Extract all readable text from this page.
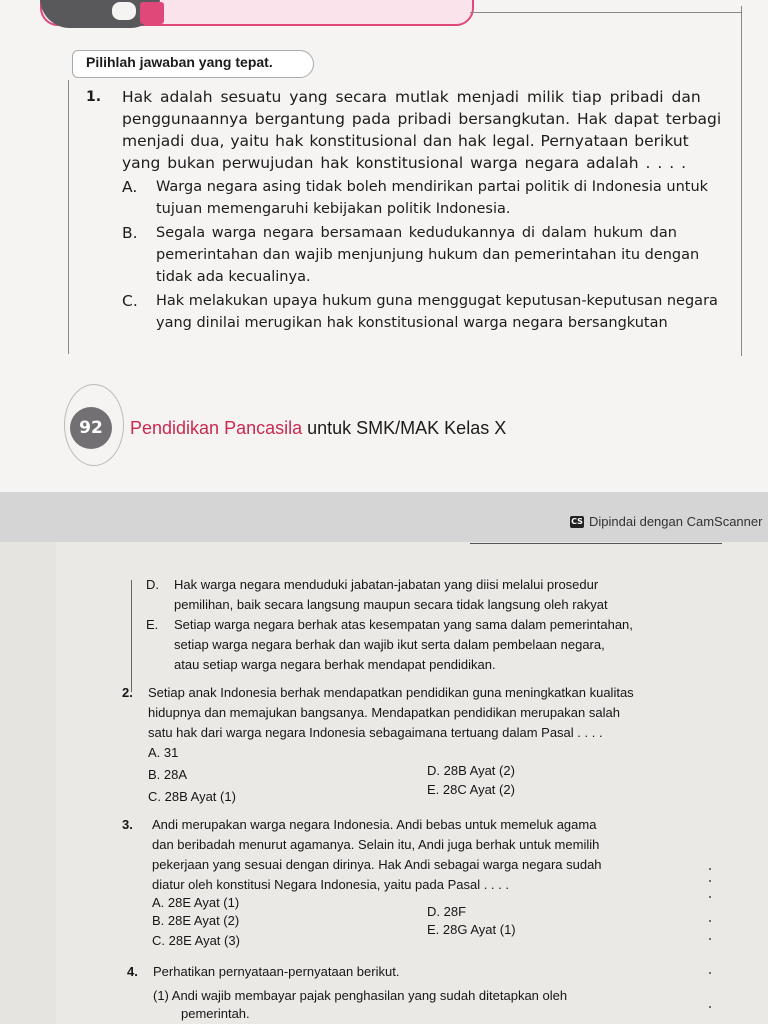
Pilihlah jawaban yang tepat.
1. Hak adalah sesuatu yang secara mutlak menjadi milik tiap pribadi dan
penggunaannya bergantung pada pribadi bersangkutan. Hak dapat terbagi
menjadi dua, yaitu hak konstitusional dan hak legal. Pernyataan berikut
yang bukan perwujudan hak konstitusional warga negara adalah . . . .
A. Warga negara asing tidak boleh mendirikan partai politik di Indonesia untuk
tujuan memengaruhi kebijakan politik Indonesia.
B. Segala warga negara bersamaan kedudukannya di dalam hukum dan
pemerintahan dan wajib menjunjung hukum dan pemerintahan itu dengan
tidak ada kecualinya.
C. Hak melakukan upaya hukum guna menggugat keputusan-keputusan negara
yang dinilai merugikan hak konstitusional warga negara bersangkutan
92	Pendidikan Pancasila untuk SMK/MAK Kelas X
CS Dipindai dengan CamScanner
D. Hak warga negara menduduki jabatan-jabatan yang diisi melalui prosedur
pemilihan, baik secara langsung maupun secara tidak langsung oleh rakyat
E. Setiap warga negara berhak atas kesempatan yang sama dalam pemerintahan,
setiap warga negara berhak dan wajib ikut serta dalam pembelaan negara,
atau setiap warga negara berhak mendapat pendidikan.
2. Setiap anak Indonesia berhak mendapatkan pendidikan guna meningkatkan kualitas
hidupnya dan memajukan bangsanya. Mendapatkan pendidikan merupakan salah
satu hak dari warga negara Indonesia sebagaimana tertuang dalam Pasal . . . .
A. 31
B. 28A
C. 28B Ayat (1)
D. 28B Ayat (2)
E. 28C Ayat (2)
3. Andi merupakan warga negara Indonesia. Andi bebas untuk memeluk agama
dan beribadah menurut agamanya. Selain itu, Andi juga berhak untuk memilih
pekerjaan yang sesuai dengan dirinya. Hak Andi sebagai warga negara sudah
diatur oleh konstitusi Negara Indonesia, yaitu pada Pasal . . . .
A. 28E Ayat (1)
B. 28E Ayat (2)
C. 28E Ayat (3)
D. 28F
E. 28G Ayat (1)
4. Perhatikan pernyataan-pernyataan berikut.
(1) Andi wajib membayar pajak penghasilan yang sudah ditetapkan oleh
pemerintah.
